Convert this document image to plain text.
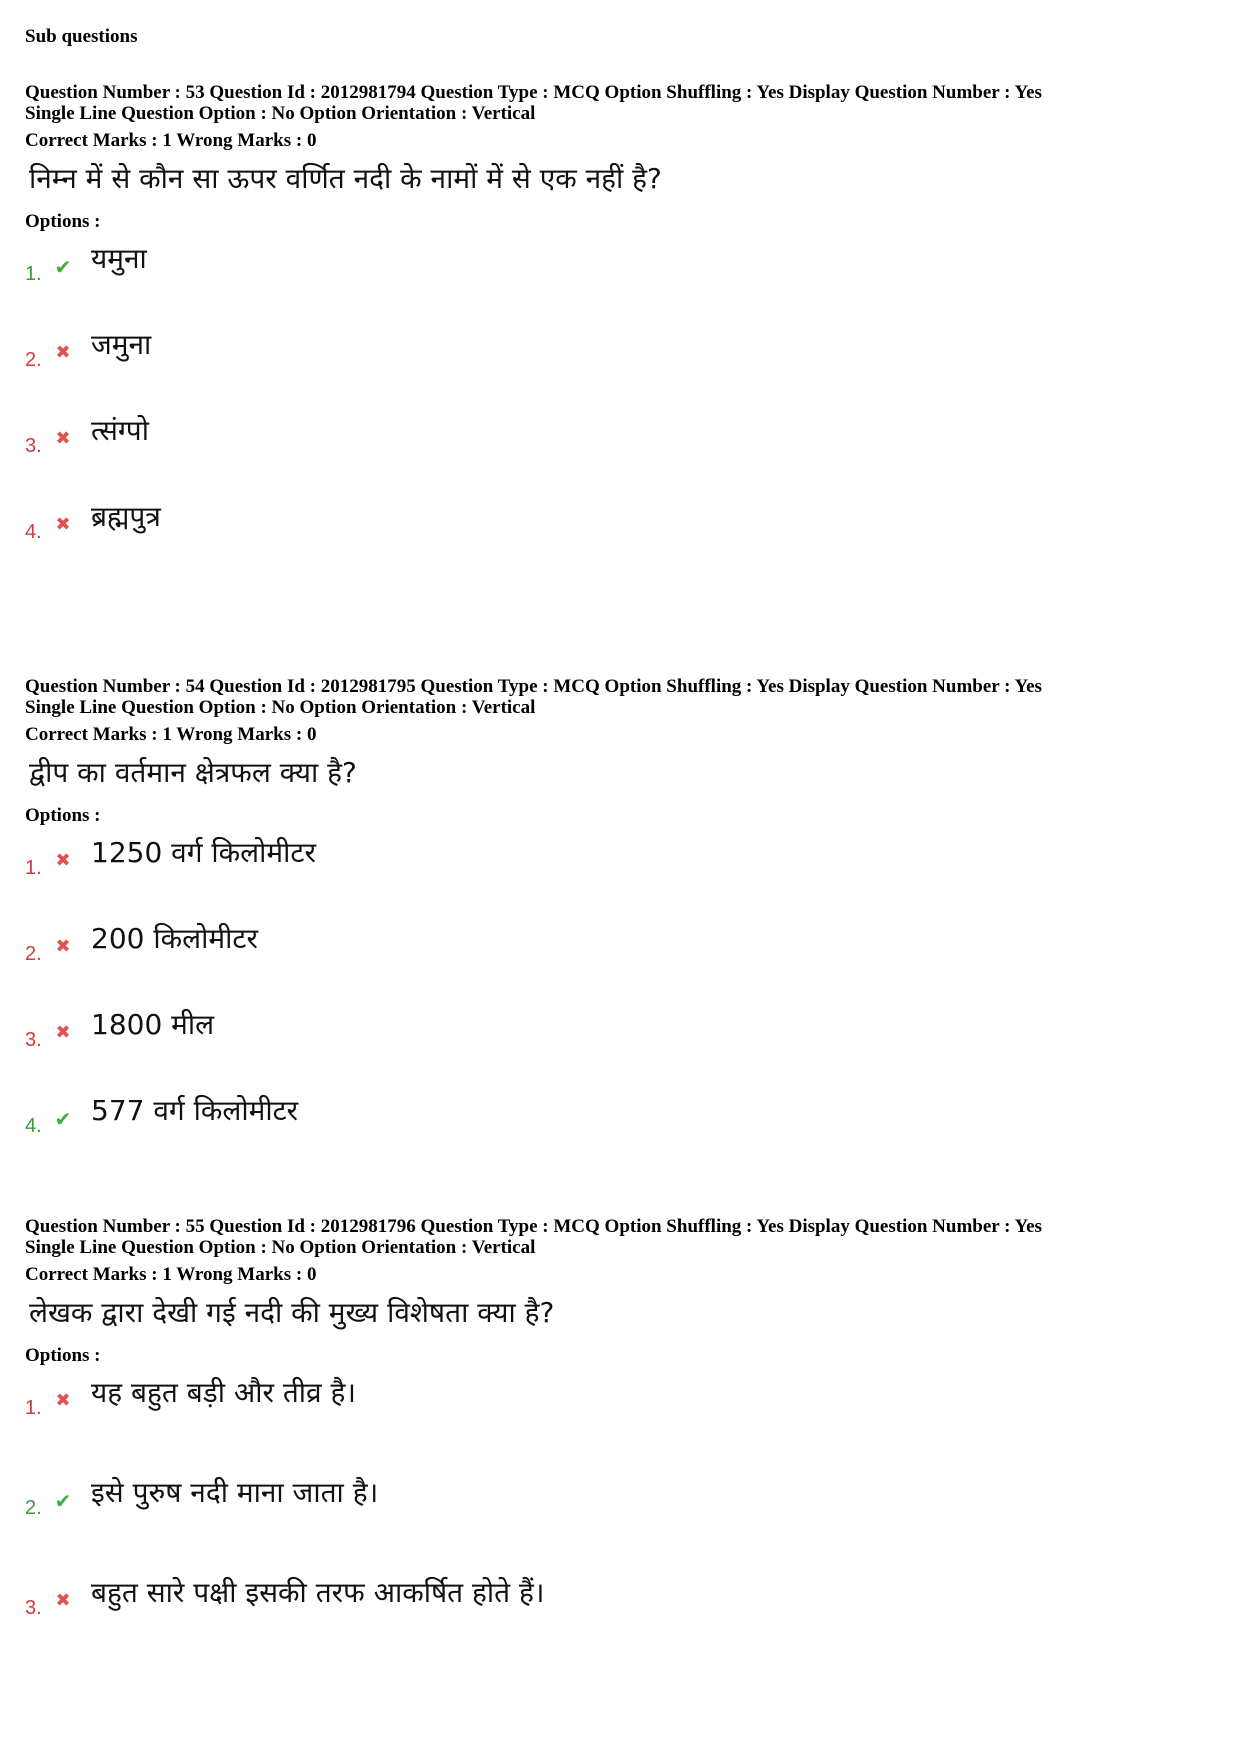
Sub questions
Question Number : 53 Question Id : 2012981794 Question Type : MCQ Option Shuffling : Yes Display Question Number : Yes
Single Line Question Option : No Option Orientation : Vertical
Correct Marks : 1 Wrong Marks : 0
निम्न में से कौन सा ऊपर वर्णित नदी के नामों में से एक नहीं है?
Options :
1. ✔ यमुना
2. ✖ जमुना
3. ✖ त्संग्पो
4. ✖ ब्रह्मपुत्र
Question Number : 54 Question Id : 2012981795 Question Type : MCQ Option Shuffling : Yes Display Question Number : Yes
Single Line Question Option : No Option Orientation : Vertical
Correct Marks : 1 Wrong Marks : 0
द्वीप का वर्तमान क्षेत्रफल क्या है?
Options :
1. ✖ 1250 वर्ग किलोमीटर
2. ✖ 200 किलोमीटर
3. ✖ 1800 मील
4. ✔ 577 वर्ग किलोमीटर
Question Number : 55 Question Id : 2012981796 Question Type : MCQ Option Shuffling : Yes Display Question Number : Yes
Single Line Question Option : No Option Orientation : Vertical
Correct Marks : 1 Wrong Marks : 0
लेखक द्वारा देखी गई नदी की मुख्य विशेषता क्या है?
Options :
1. ✖ यह बहुत बड़ी और तीव्र है।
2. ✔ इसे पुरुष नदी माना जाता है।
3. ✖ बहुत सारे पक्षी इसकी तरफ आकर्षित होते हैं।
